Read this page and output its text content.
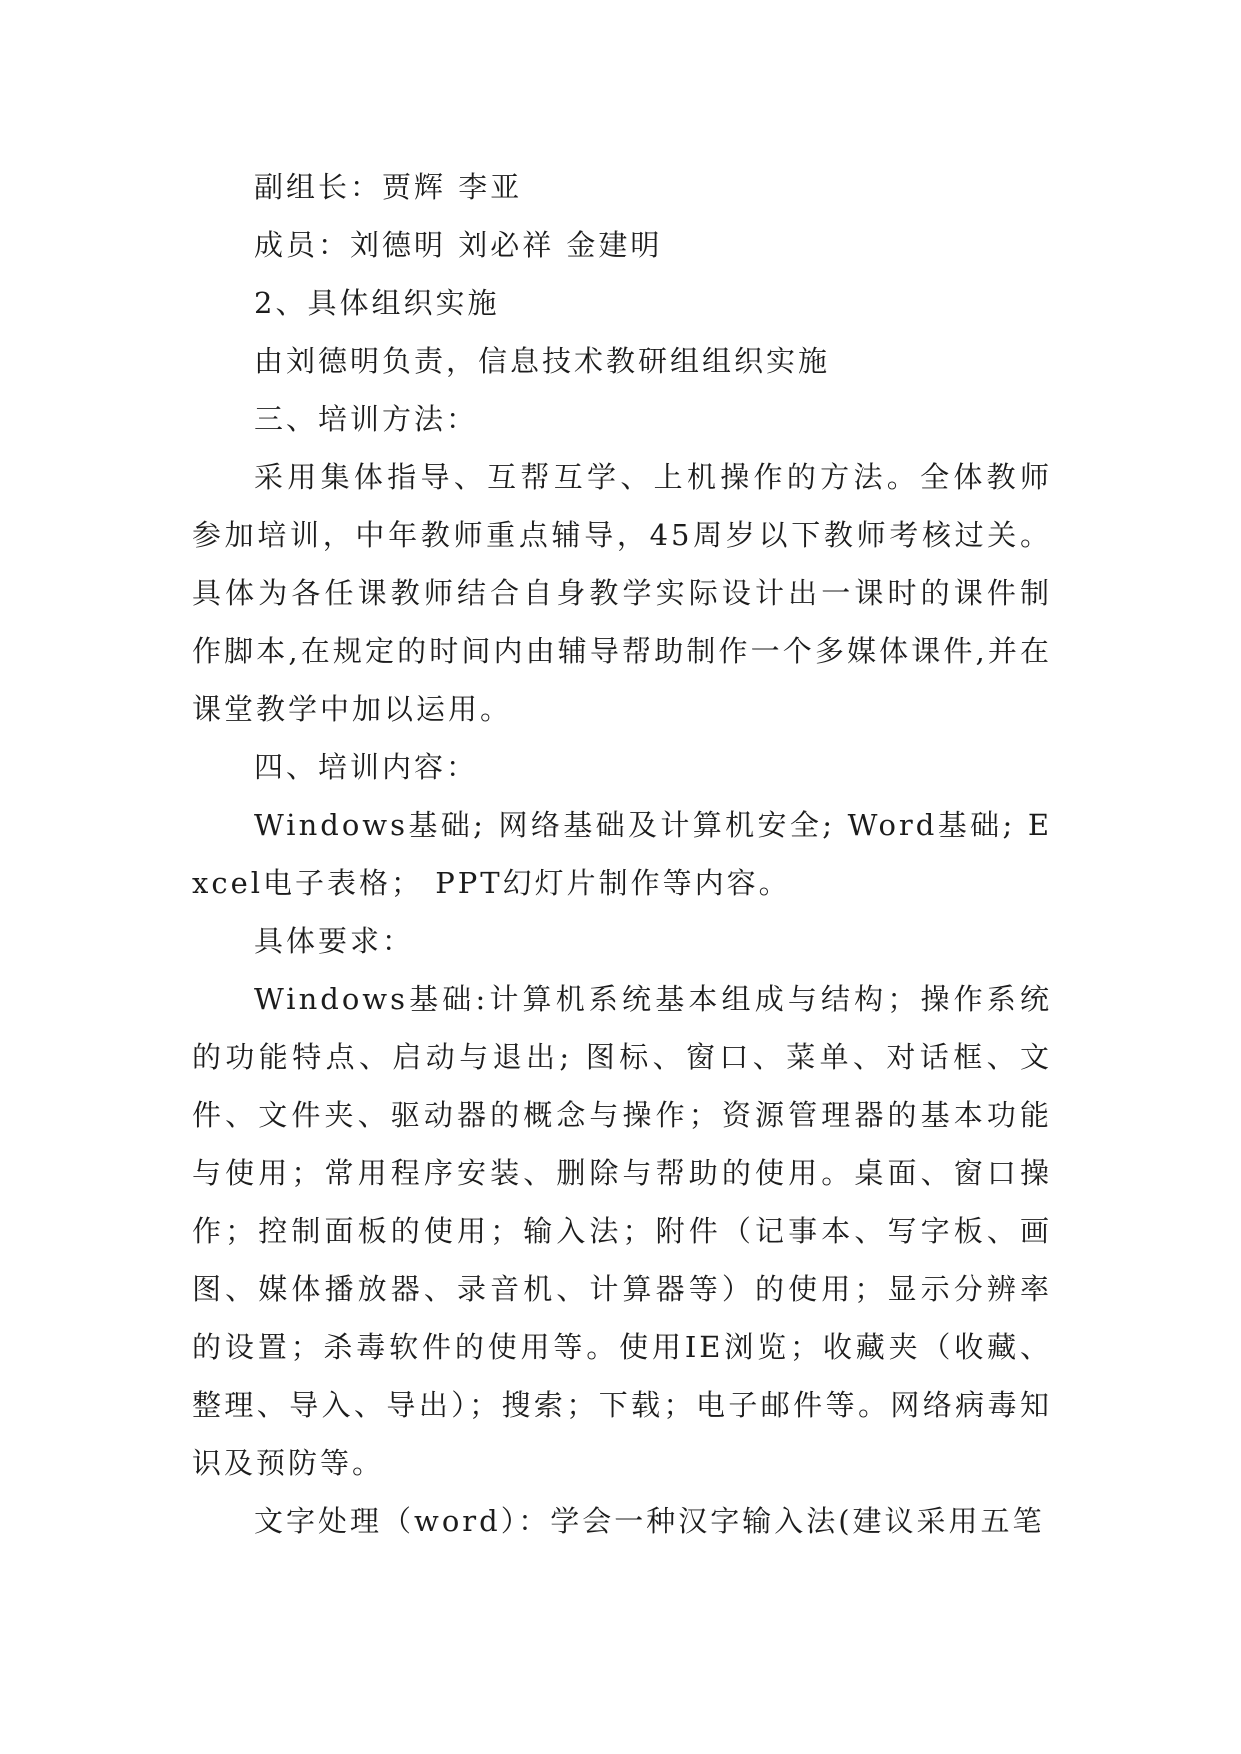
副组长：贾辉 李亚

成员：刘德明 刘必祥 金建明

2、具体组织实施

由刘德明负责，信息技术教研组组织实施

三、培训方法：

采用集体指导、互帮互学、上机操作的方法。全体教师参加培训，中年教师重点辅导，45周岁以下教师考核过关。具体为各任课教师结合自身教学实际设计出一课时的课件制作脚本,在规定的时间内由辅导帮助制作一个多媒体课件,并在课堂教学中加以运用。

四、培训内容：

Windows基础; 网络基础及计算机安全; Word基础; Excel电子表格； PPT幻灯片制作等内容。

具体要求：

Windows基础:计算机系统基本组成与结构；操作系统的功能特点、启动与退出; 图标、窗口、菜单、对话框、文件、文件夹、驱动器的概念与操作；资源管理器的基本功能与使用；常用程序安装、删除与帮助的使用。桌面、窗口操作；控制面板的使用；输入法；附件（记事本、写字板、画图、媒体播放器、录音机、计算器等）的使用；显示分辨率的设置；杀毒软件的使用等。使用IE浏览；收藏夹（收藏、整理、导入、导出）；搜索；下载；电子邮件等。网络病毒知识及预防等。

文字处理（word）：学会一种汉字输入法(建议采用五笔
